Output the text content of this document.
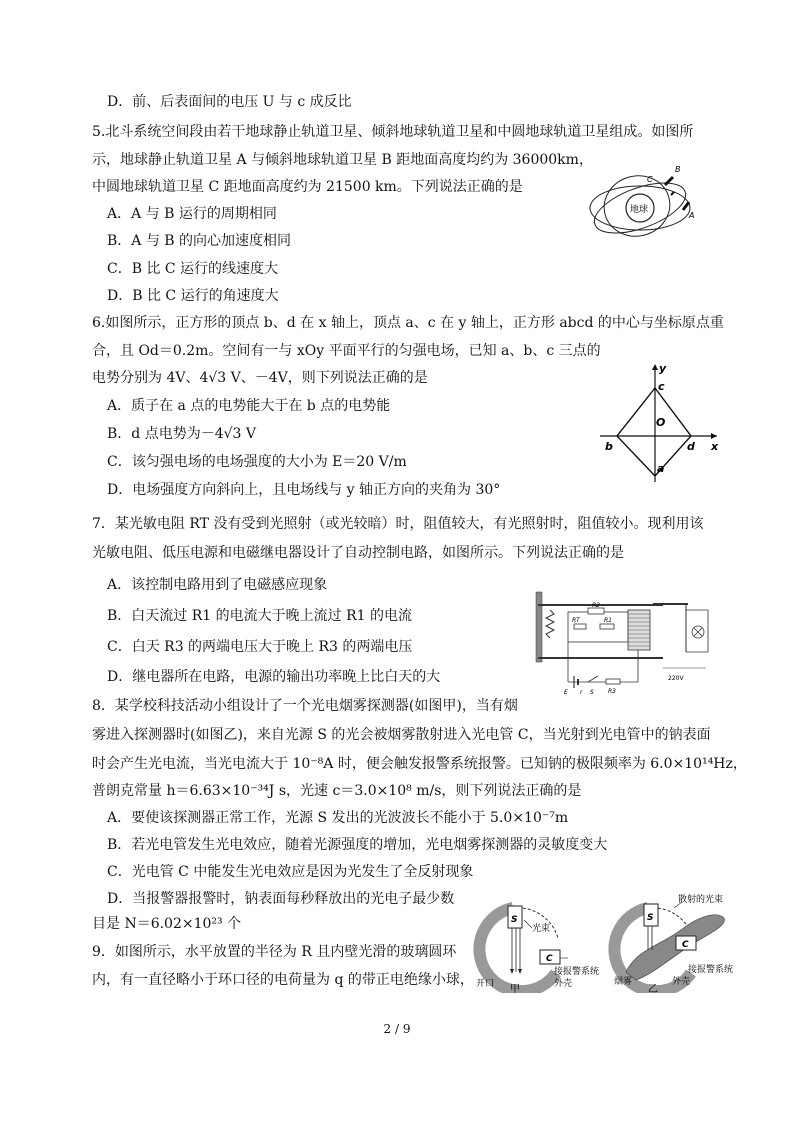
D．前、后表面间的电压 U 与 c 成反比
5.北斗系统空间段由若干地球静止轨道卫星、倾斜地球轨道卫星和中圆地球轨道卫星组成。如图所
示，地球静止轨道卫星 A 与倾斜地球轨道卫星 B 距地面高度均约为 36000km，
中圆地球轨道卫星 C 距地面高度约为 21500 km。下列说法正确的是
A．A 与 B 运行的周期相同
B．A 与 B 的向心加速度相同
C．B 比 C 运行的线速度大
D．B 比 C 运行的角速度大
地球
B
C
A
6.如图所示，正方形的顶点 b、d 在 x 轴上，顶点 a、c 在 y 轴上，正方形 abcd 的中心与坐标原点重
合，且 Od＝0.2m。空间有一与 xOy 平面平行的匀强电场，已知 a、b、c 三点的
电势分别为 4V、4√3 V、－4V，则下列说法正确的是
A．质子在 a 点的电势能大于在 b 点的电势能
B．d 点电势为－4√3 V
C．该匀强电场的电场强度的大小为 E＝20 V/m
D．电场强度方向斜向上，且电场线与 y 轴正方向的夹角为 30°
y
x
c
O
b	d
a
7．某光敏电阻 RT 没有受到光照射（或光较暗）时，阻值较大，有光照射时，阻值较小。现利用该
光敏电阻、低压电源和电磁继电器设计了自动控制电路，如图所示。下列说法正确的是
A．该控制电路用到了电磁感应现象
B．白天流过 R1 的电流大于晚上流过 R1 的电流
C．白天 R3 的两端电压大于晚上 R3 的两端电压
D．继电器所在电路，电源的输出功率晚上比白天的大
R2
RT	R1
220V
E r S R3
8．某学校科技活动小组设计了一个光电烟雾探测器(如图甲)，当有烟
雾进入探测器时(如图乙)，来自光源 S 的光会被烟雾散射进入光电管 C，当光射到光电管中的钠表面
时会产生光电流，当光电流大于 10⁻⁸A 时，便会触发报警系统报警。已知钠的极限频率为 6.0×10¹⁴Hz，
普朗克常量 h＝6.63×10⁻³⁴J s，光速 c＝3.0×10⁸ m/s，则下列说法正确的是
A．要使该探测器正常工作，光源 S 发出的光波波长不能小于 5.0×10⁻⁷m
B．若光电管发生光电效应，随着光源强度的增加，光电烟雾探测器的灵敏度变大
C．光电管 C 中能发生光电效应是因为光发生了全反射现象
D．当报警器报警时，钠表面每秒释放出的光电子最少数
目是 N＝6.02×10²³ 个	S
C
光束
接报警系统
外壳
开口 甲
S
C
散射的光束
接报警系统
外壳
烟雾
乙
9．如图所示，水平放置的半径为 R 且内壁光滑的玻璃圆环
内，有一直径略小于环口径的电荷量为 q 的带正电绝缘小球，
2 / 9
